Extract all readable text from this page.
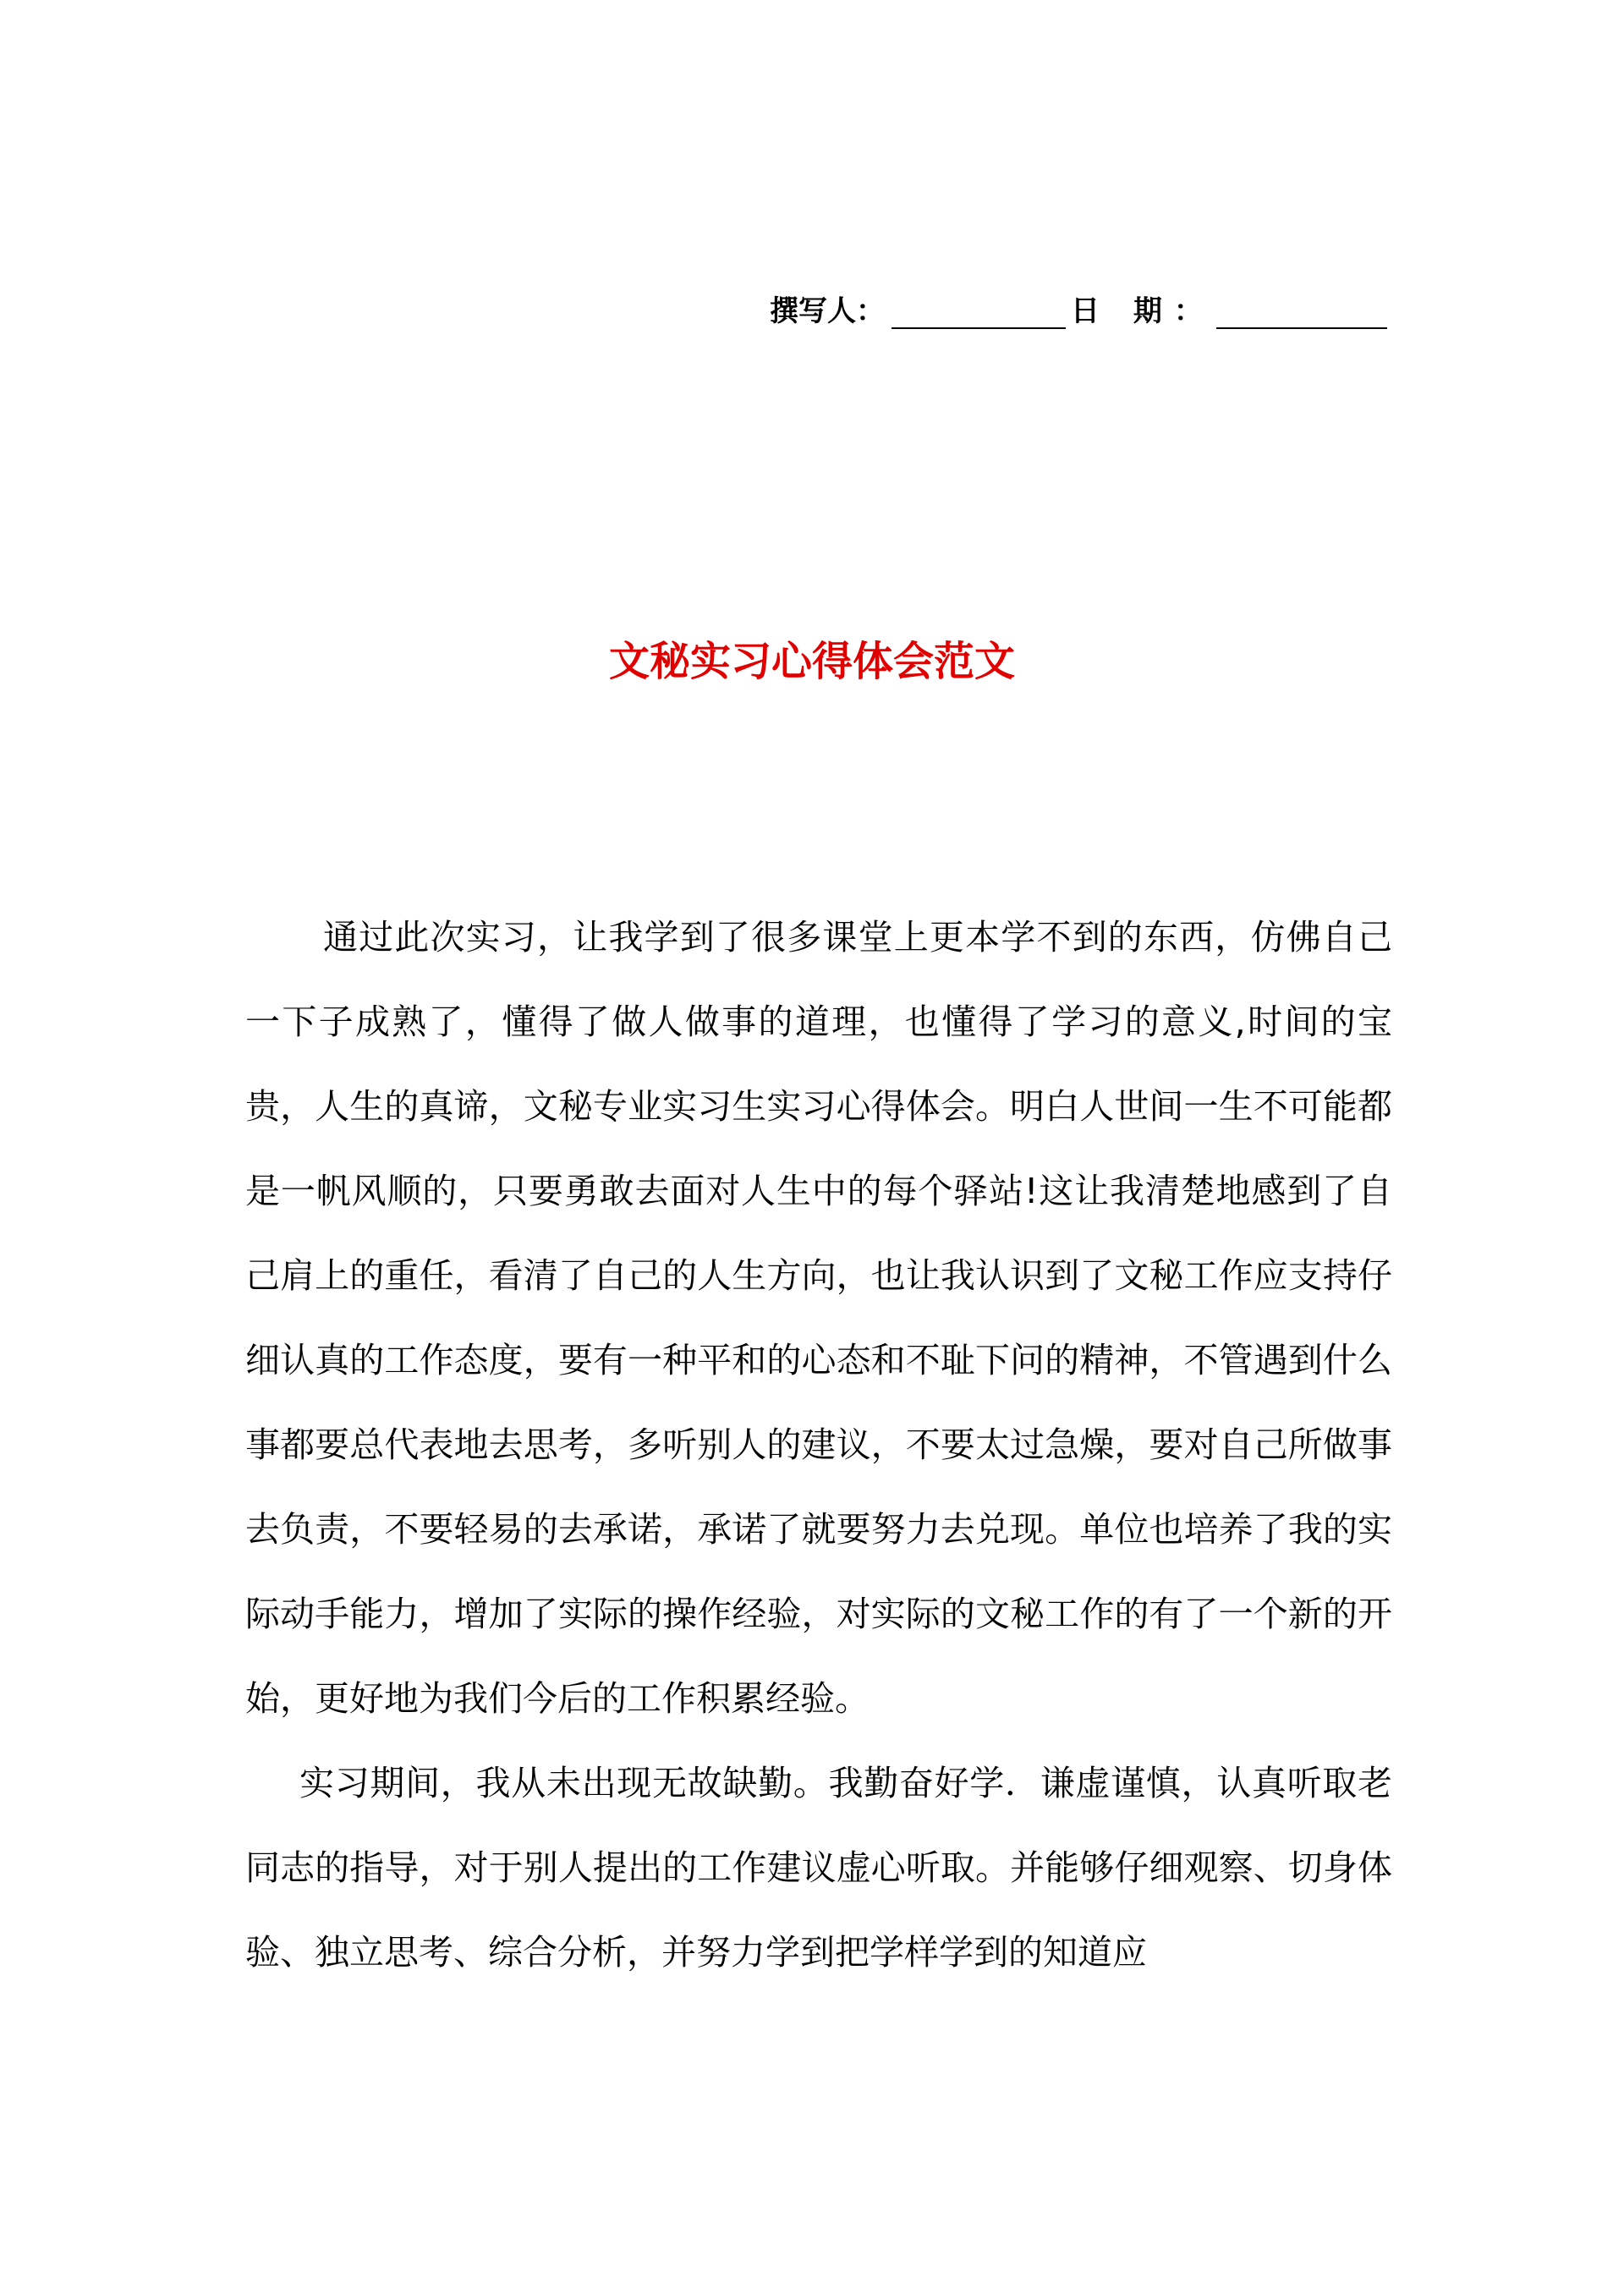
撰写人：	日 期：
文秘实习心得体会范文

通过此次实习，让我学到了很多课堂上更本学不到的东西，仿佛自己一下子成熟了，懂得了做人做事的道理，也懂得了学习的意义,时间的宝贵，人生的真谛，文秘专业实习生实习心得体会。明白人世间一生不可能都是一帆风顺的，只要勇敢去面对人生中的每个驿站!这让我清楚地感到了自己肩上的重任，看清了自己的人生方向，也让我认识到了文秘工作应支持仔细认真的工作态度，要有一种平和的心态和不耻下问的精神，不管遇到什么事都要总代表地去思考，多听别人的建议，不要太过急燥，要对自己所做事去负责，不要轻易的去承诺，承诺了就要努力去兑现。单位也培养了我的实际动手能力，增加了实际的操作经验，对实际的文秘工作的有了一个新的开始，更好地为我们今后的工作积累经验。

实习期间，我从未出现无故缺勤。我勤奋好学．谦虚谨慎，认真听取老同志的指导，对于别人提出的工作建议虚心听取。并能够仔细观察、切身体验、独立思考、综合分析，并努力学到把学样学到的知道应
